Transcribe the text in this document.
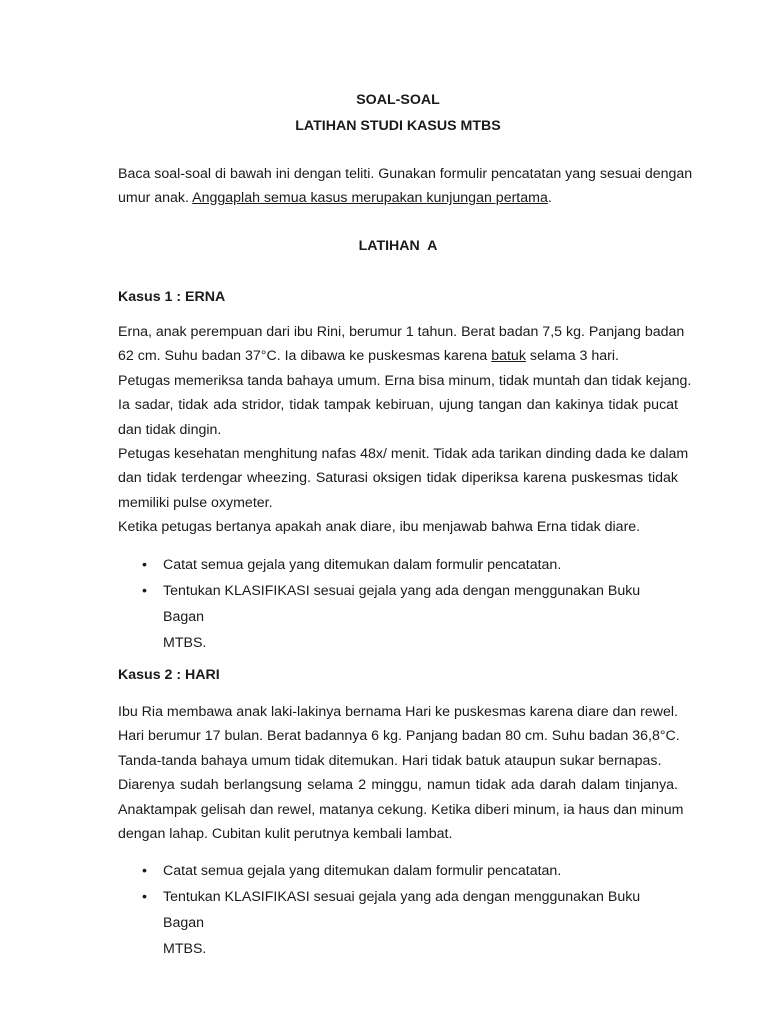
SOAL-SOAL
LATIHAN STUDI KASUS MTBS
Baca soal-soal di bawah ini dengan teliti. Gunakan formulir pencatatan yang sesuai dengan
umur anak. Anggaplah semua kasus merupakan kunjungan pertama.
LATIHAN  A
Kasus 1 : ERNA
Erna, anak perempuan dari ibu Rini, berumur 1 tahun. Berat badan 7,5 kg. Panjang badan
62 cm. Suhu badan 37°C. Ia dibawa ke puskesmas karena batuk selama 3 hari.
Petugas memeriksa tanda bahaya umum. Erna bisa minum, tidak muntah dan tidak kejang.
Ia sadar, tidak ada stridor, tidak tampak kebiruan, ujung tangan dan kakinya tidak pucat
dan tidak dingin.
Petugas kesehatan menghitung nafas 48x/ menit. Tidak ada tarikan dinding dada ke dalam
dan tidak terdengar wheezing. Saturasi oksigen tidak diperiksa karena puskesmas tidak
memiliki pulse oxymeter.
Ketika petugas bertanya apakah anak diare, ibu menjawab bahwa Erna tidak diare.
• Catat semua gejala yang ditemukan dalam formulir pencatatan.
• Tentukan KLASIFIKASI sesuai gejala yang ada dengan menggunakan Buku Bagan
MTBS.
Kasus 2 : HARI
Ibu Ria membawa anak laki-lakinya bernama Hari ke puskesmas karena diare dan rewel.
Hari berumur 17 bulan. Berat badannya 6 kg. Panjang badan 80 cm. Suhu badan 36,8°C.
Tanda-tanda bahaya umum tidak ditemukan. Hari tidak batuk ataupun sukar bernapas.
Diarenya sudah berlangsung selama 2 minggu, namun tidak ada darah dalam tinjanya.
Anaktampak gelisah dan rewel, matanya cekung. Ketika diberi minum, ia haus dan minum
dengan lahap. Cubitan kulit perutnya kembali lambat.
• Catat semua gejala yang ditemukan dalam formulir pencatatan.
• Tentukan KLASIFIKASI sesuai gejala yang ada dengan menggunakan Buku Bagan
MTBS.
